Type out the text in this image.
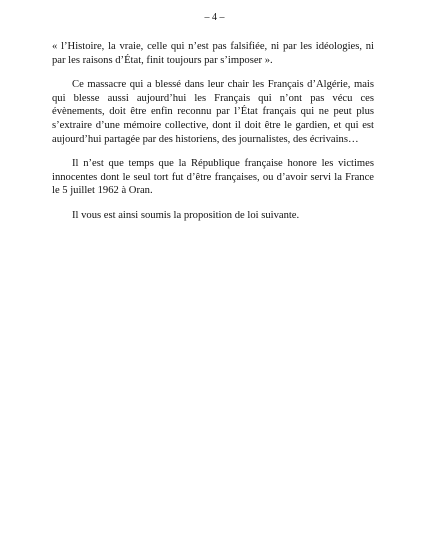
– 4 –

« l’Histoire, la vraie, celle qui n’est pas falsifiée, ni par les idéologies, ni par les raisons d’État, finit toujours par s’imposer ».

Ce massacre qui a blessé dans leur chair les Français d’Algérie, mais qui blesse aussi aujourd’hui les Français qui n’ont pas vécu ces évènements, doit être enfin reconnu par l’État français qui ne peut plus s’extraire d’une mémoire collective, dont il doit être le gardien, et qui est aujourd’hui partagée par des historiens, des journalistes, des écrivains…

Il n’est que temps que la République française honore les victimes innocentes dont le seul tort fut d’être françaises, ou d’avoir servi la France le 5 juillet 1962 à Oran.

Il vous est ainsi soumis la proposition de loi suivante.
